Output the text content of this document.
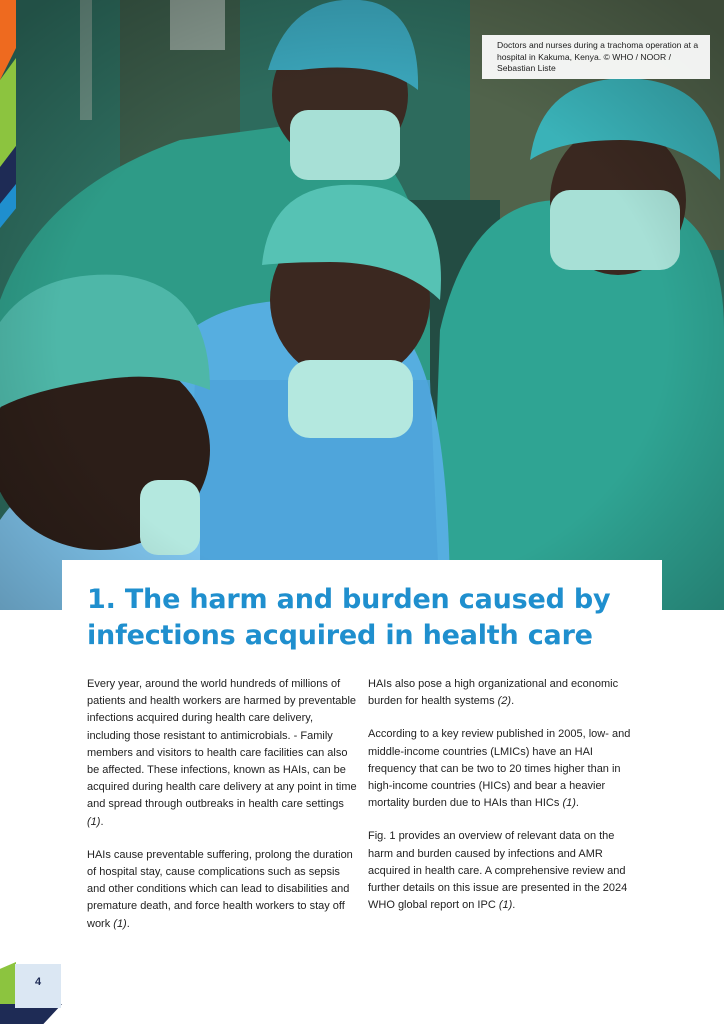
Doctors and nurses during a trachoma operation at a hospital in Kakuma, Kenya. © WHO / NOOR / Sebastian Liste
1. The harm and burden caused by infections acquired in health care

Every year, around the world hundreds of millions of patients and health workers are harmed by preventable infections acquired during health care delivery, including those resistant to antimicrobials. - Family members and visitors to health care facilities can also be affected. These infections, known as HAIs, can be acquired during health care delivery at any point in time and spread through outbreaks in health care settings (1).

HAIs cause preventable suffering, prolong the duration of hospital stay, cause complications such as sepsis and other conditions which can lead to disabilities and premature death, and force health workers to stay off work (1).

HAIs also pose a high organizational and economic burden for health systems (2).

According to a key review published in 2005, low- and middle-income countries (LMICs) have an HAI frequency that can be two to 20 times higher than in high-income countries (HICs) and bear a heavier mortality burden due to HAIs than HICs (1).

Fig. 1 provides an overview of relevant data on the harm and burden caused by infections and AMR acquired in health care. A comprehensive review and further details on this issue are presented in the 2024 WHO global report on IPC (1).

4
